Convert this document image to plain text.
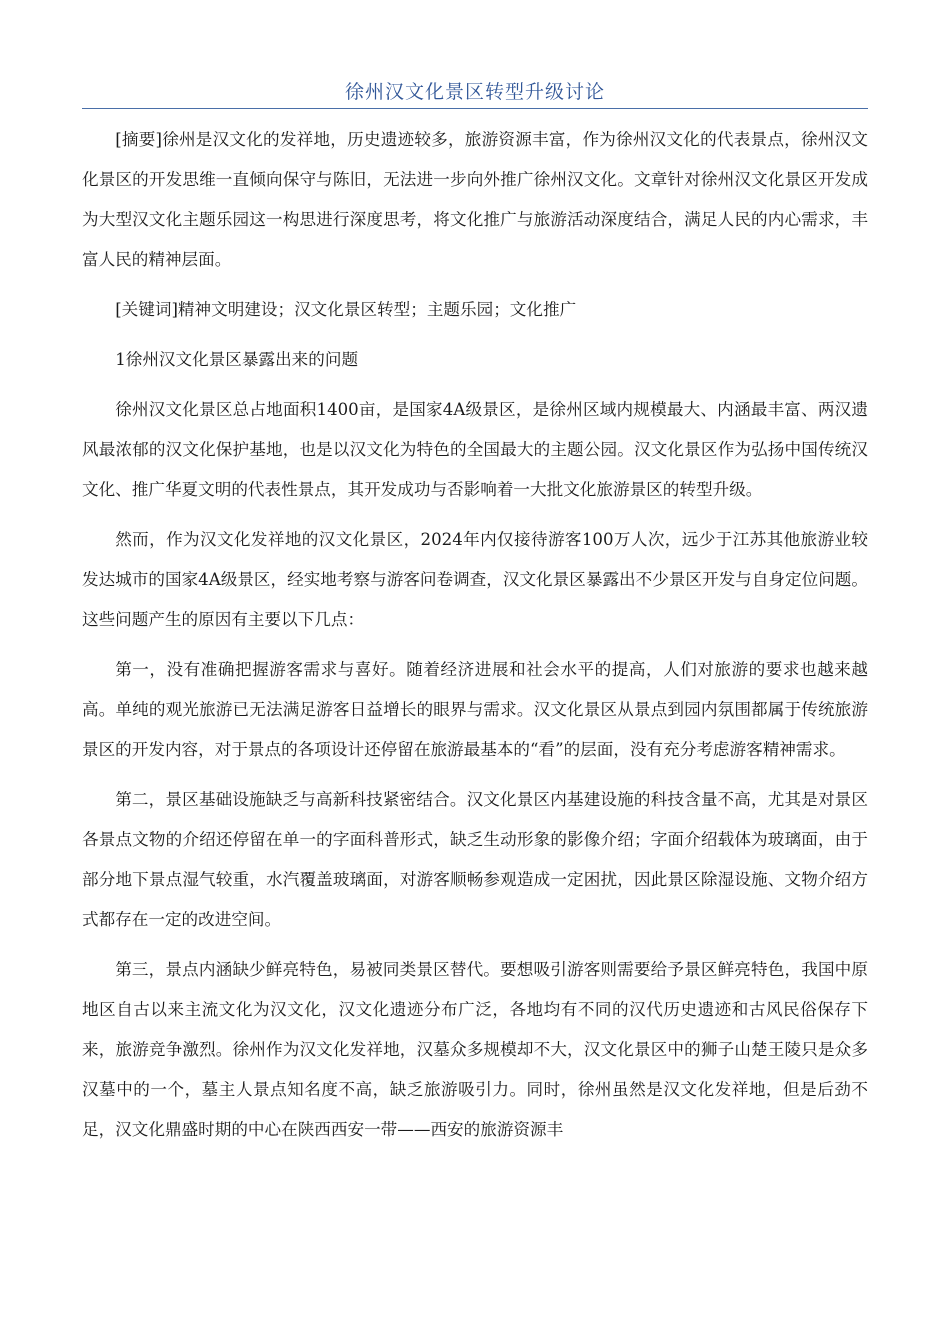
徐州汉文化景区转型升级讨论

[摘要]徐州是汉文化的发祥地，历史遗迹较多，旅游资源丰富，作为徐州汉文化的代表景点，徐州汉文化景区的开发思维一直倾向保守与陈旧，无法进一步向外推广徐州汉文化。文章针对徐州汉文化景区开发成为大型汉文化主题乐园这一构思进行深度思考，将文化推广与旅游活动深度结合，满足人民的内心需求，丰富人民的精神层面。

[关键词]精神文明建设；汉文化景区转型；主题乐园；文化推广

1徐州汉文化景区暴露出来的问题

徐州汉文化景区总占地面积1400亩，是国家4A级景区，是徐州区域内规模最大、内涵最丰富、两汉遗风最浓郁的汉文化保护基地，也是以汉文化为特色的全国最大的主题公园。汉文化景区作为弘扬中国传统汉文化、推广华夏文明的代表性景点，其开发成功与否影响着一大批文化旅游景区的转型升级。

然而，作为汉文化发祥地的汉文化景区，2024年内仅接待游客100万人次，远少于江苏其他旅游业较发达城市的国家4A级景区，经实地考察与游客问卷调查，汉文化景区暴露出不少景区开发与自身定位问题。这些问题产生的原因有主要以下几点：

第一，没有准确把握游客需求与喜好。随着经济进展和社会水平的提高，人们对旅游的要求也越来越高。单纯的观光旅游已无法满足游客日益增长的眼界与需求。汉文化景区从景点到园内氛围都属于传统旅游景区的开发内容，对于景点的各项设计还停留在旅游最基本的“看”的层面，没有充分考虑游客精神需求。

第二，景区基础设施缺乏与高新科技紧密结合。汉文化景区内基建设施的科技含量不高，尤其是对景区各景点文物的介绍还停留在单一的字面科普形式，缺乏生动形象的影像介绍；字面介绍载体为玻璃面，由于部分地下景点湿气较重，水汽覆盖玻璃面，对游客顺畅参观造成一定困扰，因此景区除湿设施、文物介绍方式都存在一定的改进空间。

第三，景点内涵缺少鲜亮特色，易被同类景区替代。要想吸引游客则需要给予景区鲜亮特色，我国中原地区自古以来主流文化为汉文化，汉文化遗迹分布广泛，各地均有不同的汉代历史遗迹和古风民俗保存下来，旅游竞争激烈。徐州作为汉文化发祥地，汉墓众多规模却不大，汉文化景区中的狮子山楚王陵只是众多汉墓中的一个，墓主人景点知名度不高，缺乏旅游吸引力。同时，徐州虽然是汉文化发祥地，但是后劲不足，汉文化鼎盛时期的中心在陕西西安一带——西安的旅游资源丰
